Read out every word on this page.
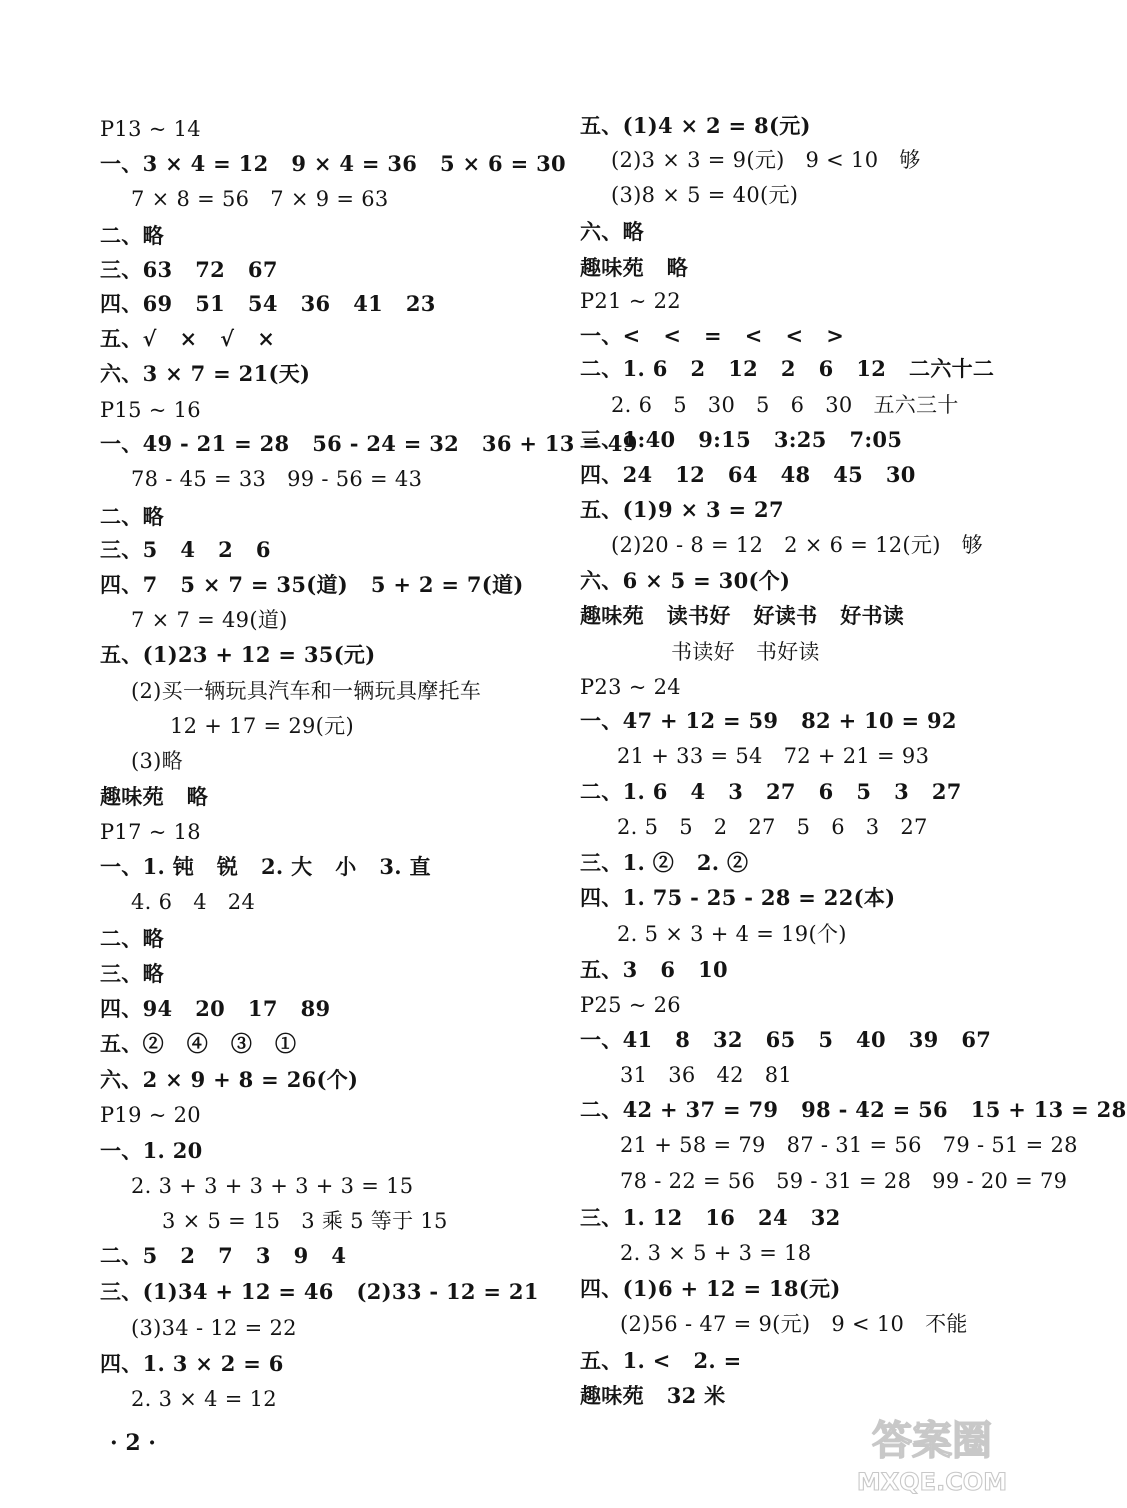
P13 ~ 14
一、3 × 4 = 12   9 × 4 = 36   5 × 6 = 30
7 × 8 = 56   7 × 9 = 63
二、略
三、63   72   67
四、69   51   54   36   41   23
五、√   ×   √   ×
六、3 × 7 = 21(天)
P15 ~ 16
一、49 - 21 = 28   56 - 24 = 32   36 + 13 = 49
78 - 45 = 33   99 - 56 = 43
二、略
三、5   4   2   6
四、7   5 × 7 = 35(道)   5 + 2 = 7(道)
7 × 7 = 49(道)
五、(1)23 + 12 = 35(元)
(2)买一辆玩具汽车和一辆玩具摩托车
12 + 17 = 29(元)
(3)略
趣味苑   略
P17 ~ 18
一、1. 钝   锐   2. 大   小   3. 直
4. 6   4   24
二、略
三、略
四、94   20   17   89
五、②   ④   ③   ①
六、2 × 9 + 8 = 26(个)
P19 ~ 20
一、1. 20
2. 3 + 3 + 3 + 3 + 3 = 15
3 × 5 = 15   3 乘 5 等于 15
二、5   2   7   3   9   4
三、(1)34 + 12 = 46   (2)33 - 12 = 21
(3)34 - 12 = 22
四、1. 3 × 2 = 6
2. 3 × 4 = 12
五、(1)4 × 2 = 8(元)
(2)3 × 3 = 9(元)   9 < 10   够
(3)8 × 5 = 40(元)
六、略
趣味苑   略
P21 ~ 22
一、<   <   =   <   <   >
二、1. 6   2   12   2   6   12   二六十二
2. 6   5   30   5   6   30   五六三十
三、1:40   9:15   3:25   7:05
四、24   12   64   48   45   30
五、(1)9 × 3 = 27
(2)20 - 8 = 12   2 × 6 = 12(元)   够
六、6 × 5 = 30(个)
趣味苑   读书好   好读书   好书读
书读好   书好读
P23 ~ 24
一、47 + 12 = 59   82 + 10 = 92
21 + 33 = 54   72 + 21 = 93
二、1. 6   4   3   27   6   5   3   27
2. 5   5   2   27   5   6   3   27
三、1. ②   2. ②
四、1. 75 - 25 - 28 = 22(本)
2. 5 × 3 + 4 = 19(个)
五、3   6   10
P25 ~ 26
一、41   8   32   65   5   40   39   67
31   36   42   81
二、42 + 37 = 79   98 - 42 = 56   15 + 13 = 28
21 + 58 = 79   87 - 31 = 56   79 - 51 = 28
78 - 22 = 56   59 - 31 = 28   99 - 20 = 79
三、1. 12   16   24   32
2. 3 × 5 + 3 = 18
四、(1)6 + 12 = 18(元)
(2)56 - 47 = 9(元)   9 < 10   不能
五、1. <   2. =
趣味苑   32 米
· 2 ·	答案圈
MXQE.COM
